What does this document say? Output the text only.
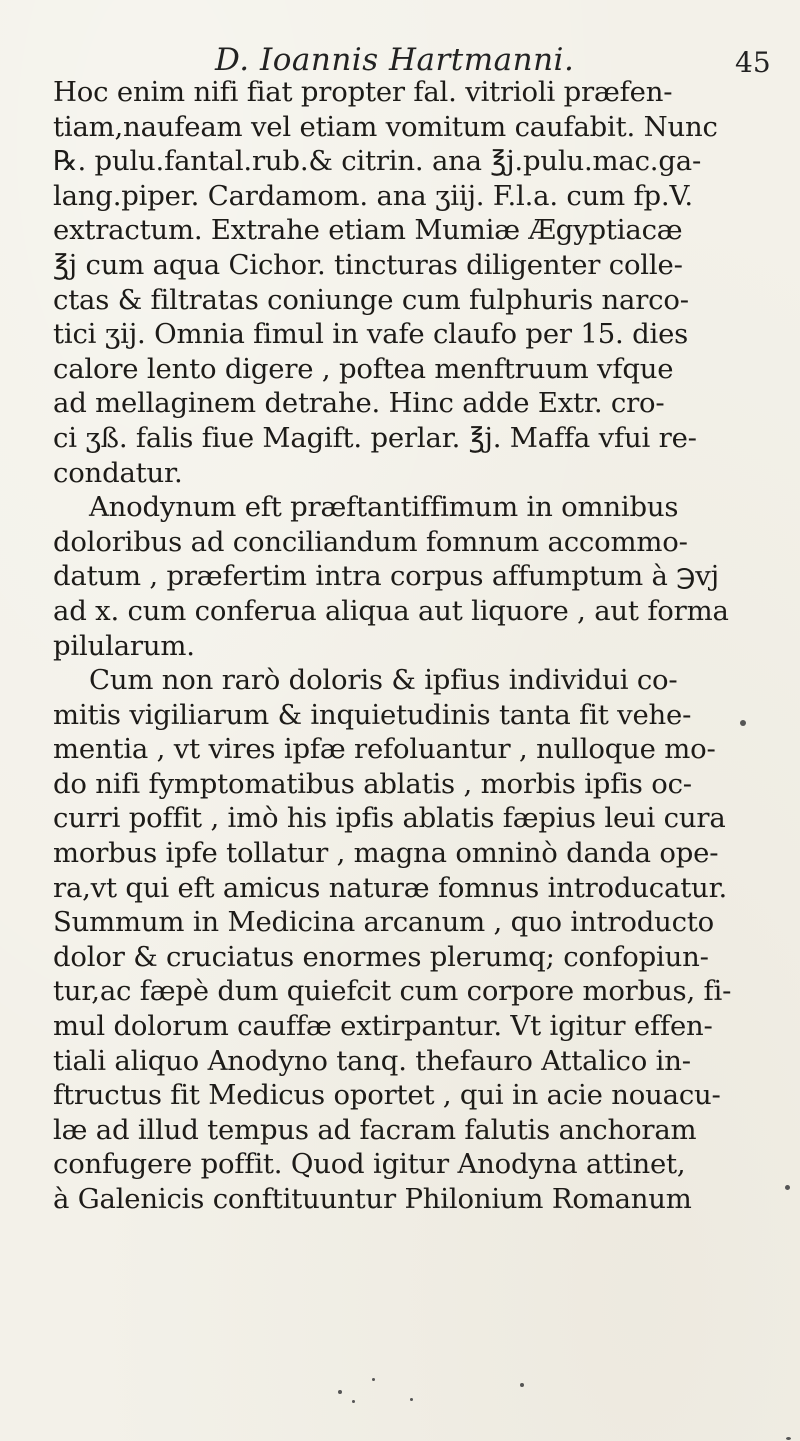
D. Ioannis Hartmanni.	45
Hoc enim nifi fiat propter fal. vitrioli præfen-
tiam,naufeam vel etiam vomitum caufabit. Nunc
℞. pulu.fantal.rub.& citrin. ana ℥j.pulu.mac.ga-
lang.piper. Cardamom. ana ʒiij. F.l.a. cum fp.V.
extractum. Extrahe etiam Mumiæ Ægyptiacæ
℥j cum aqua Cichor. tincturas diligenter colle-
ctas & filtratas coniunge cum fulphuris narco-
tici ʒij. Omnia fimul in vafe claufo per 15. dies
calore lento digere , poftea menftruum vfque
ad mellaginem detrahe. Hinc adde Extr. cro-
ci ʒß. falis fiue Magift. perlar. ℥j. Maffa vfui re-
condatur.
Anodynum eft præftantiffimum in omnibus
doloribus ad conciliandum fomnum accommo-
datum , præfertim intra corpus affumptum à ℈vj
ad x. cum conferua aliqua aut liquore , aut forma
pilularum.
Cum non rarò doloris & ipfius individui co-
mitis vigiliarum & inquietudinis tanta fit vehe-
mentia , vt vires ipfæ refoluantur , nulloque mo-
do nifi fymptomatibus ablatis , morbis ipfis oc-
curri poffit , imò his ipfis ablatis fæpius leui cura
morbus ipfe tollatur , magna omninò danda ope-
ra,vt qui eft amicus naturæ fomnus introducatur.
Summum in Medicina arcanum , quo introducto
dolor & cruciatus enormes plerumq; confopiun-
tur,ac fæpè dum quiefcit cum corpore morbus, fi-
mul dolorum cauffæ extirpantur. Vt igitur effen-
tiali aliquo Anodyno tanq. thefauro Attalico in-
ftructus fit Medicus oportet , qui in acie nouacu-
læ ad illud tempus ad facram falutis anchoram
confugere poffit. Quod igitur Anodyna attinet,
à Galenicis conftituuntur Philonium Romanum
